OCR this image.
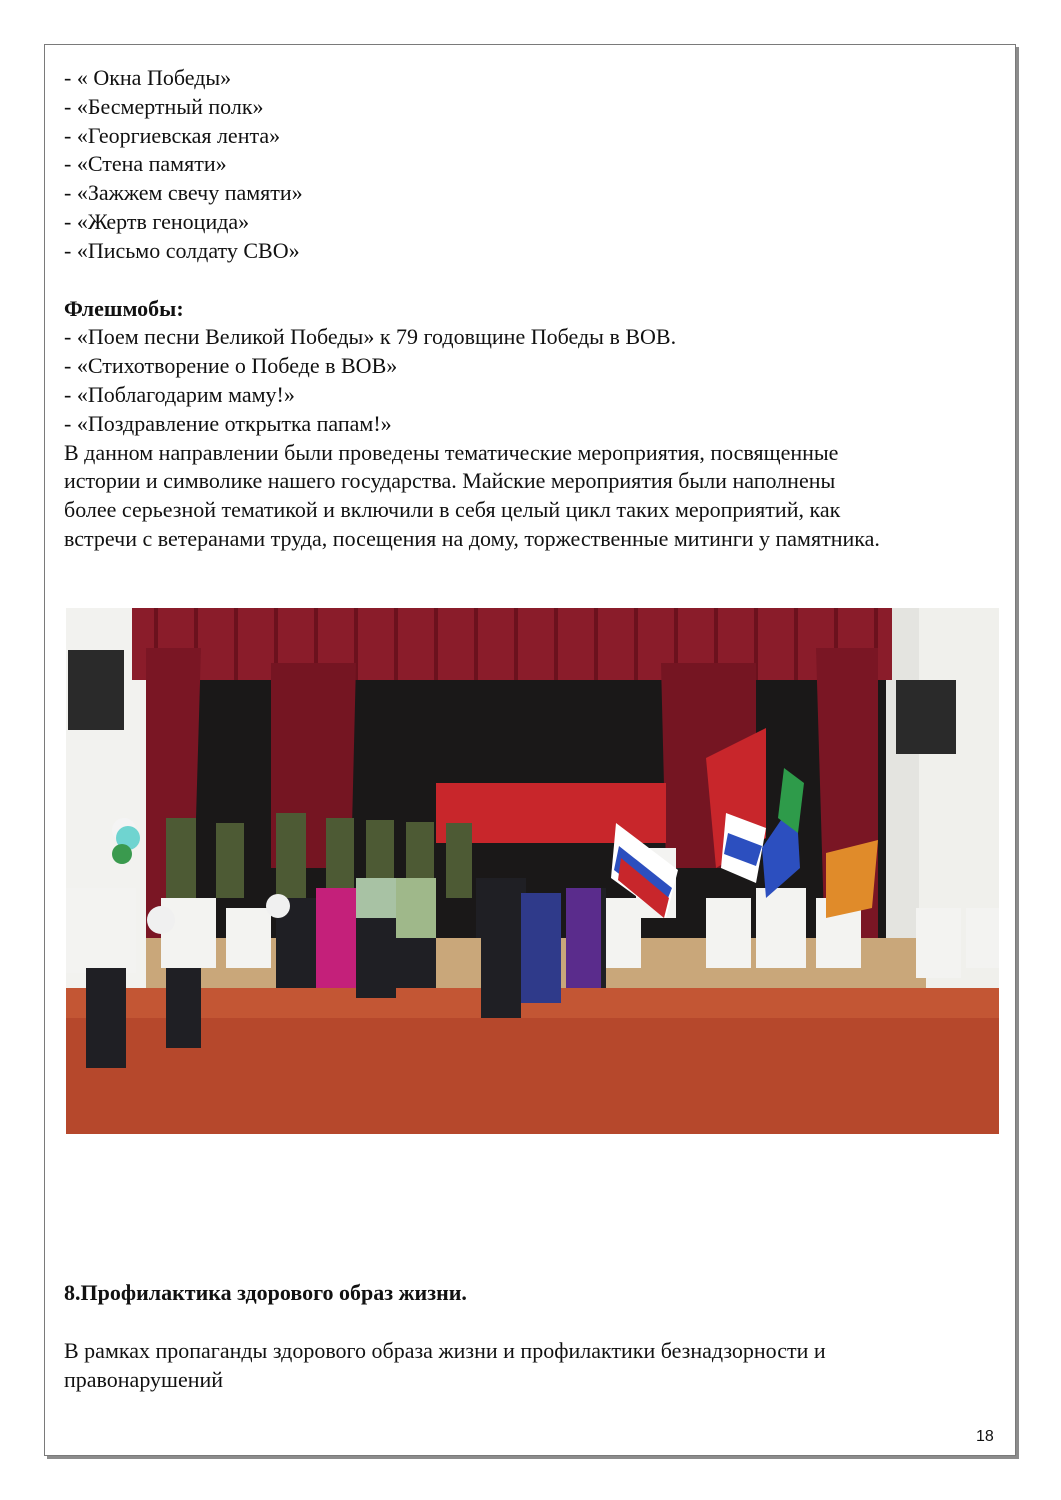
- « Окна Победы»
- «Бесмертный полк»
- «Георгиевская лента»
- «Стена памяти»
- «Зажжем свечу памяти»
- «Жертв геноцида»
- «Письмо солдату СВО»
Флешмобы:
- «Поем песни Великой Победы» к 79 годовщине Победы в ВОВ.
- «Стихотворение о Победе в ВОВ»
- «Поблагодарим маму!»
- «Поздравление открытка папам!»
В данном направлении были проведены тематические мероприятия, посвященные
истории и символике нашего государства. Майские мероприятия были наполнены
более серьезной тематикой и включили в себя целый цикл таких мероприятий, как
встречи с ветеранами труда, посещения на дому, торжественные митинги у памятника.
8.Профилактика здорового образ жизни.
В рамках пропаганды здорового образа жизни и профилактики безнадзорности и
правонарушений
18
